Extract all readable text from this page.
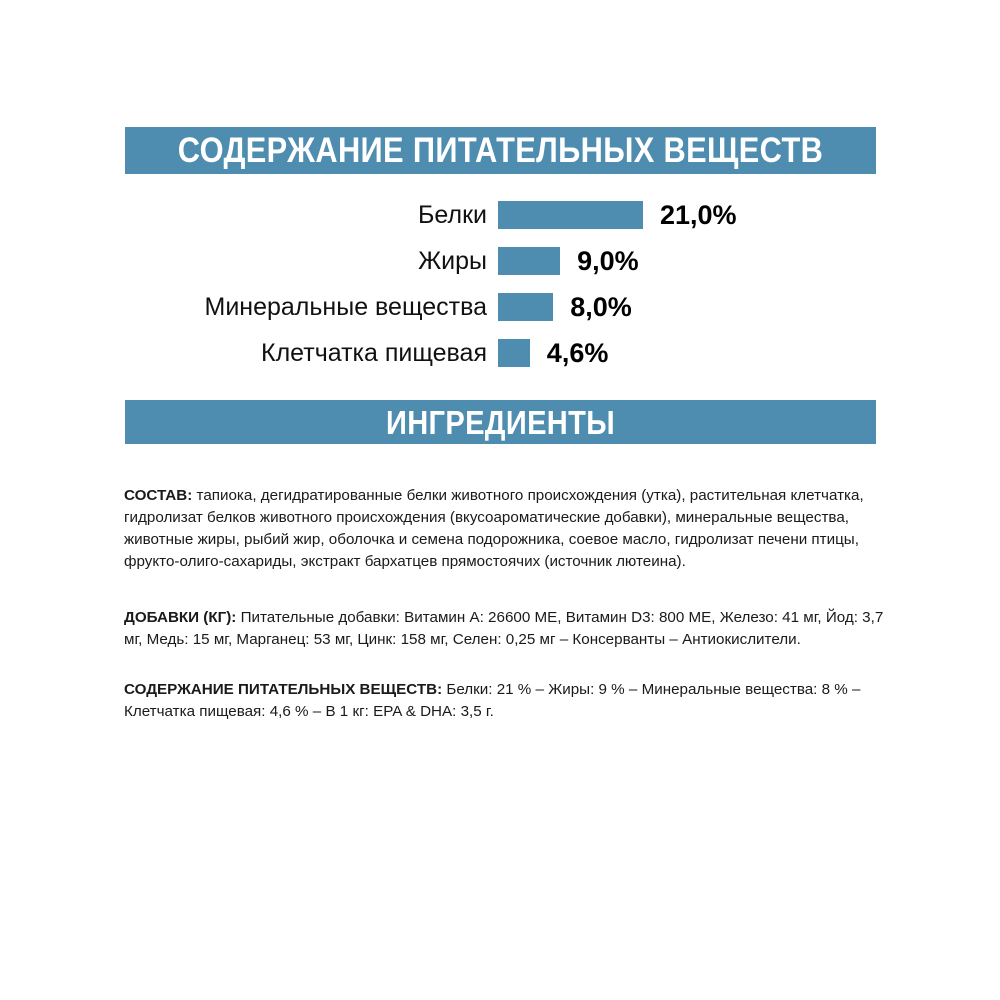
СОДЕРЖАНИЕ ПИТАТЕЛЬНЫХ ВЕЩЕСТВ
Белки	21,0%
Жиры	9,0%
Минеральные вещества	8,0%
Клетчатка пищевая 4,6%
ИНГРЕДИЕНТЫ

СОСТАВ: тапиока, дегидратированные белки животного происхождения (утка), растительная клетчатка, гидролизат белков животного происхождения (вкусоароматические добавки), минеральные вещества, животные жиры, рыбий жир, оболочка и семена подорожника, соевое масло, гидролизат печени птицы, фрукто-олиго-сахариды, экстракт бархатцев прямостоячих (источник лютеина).

ДОБАВКИ (КГ): Питательные добавки: Витамин A: 26600 МЕ, Витамин D3: 800 МЕ, Железо: 41 мг, Йод: 3,7 мг, Медь: 15 мг, Марганец: 53 мг, Цинк: 158 мг, Селен: 0,25 мг – Консерванты – Антиокислители.

СОДЕРЖАНИЕ ПИТАТЕЛЬНЫХ ВЕЩЕСТВ: Белки: 21 % – Жиры: 9 % – Минеральные вещества: 8 % – Клетчатка пищевая: 4,6 % – В 1 кг: EPA & DHA: 3,5 г.
